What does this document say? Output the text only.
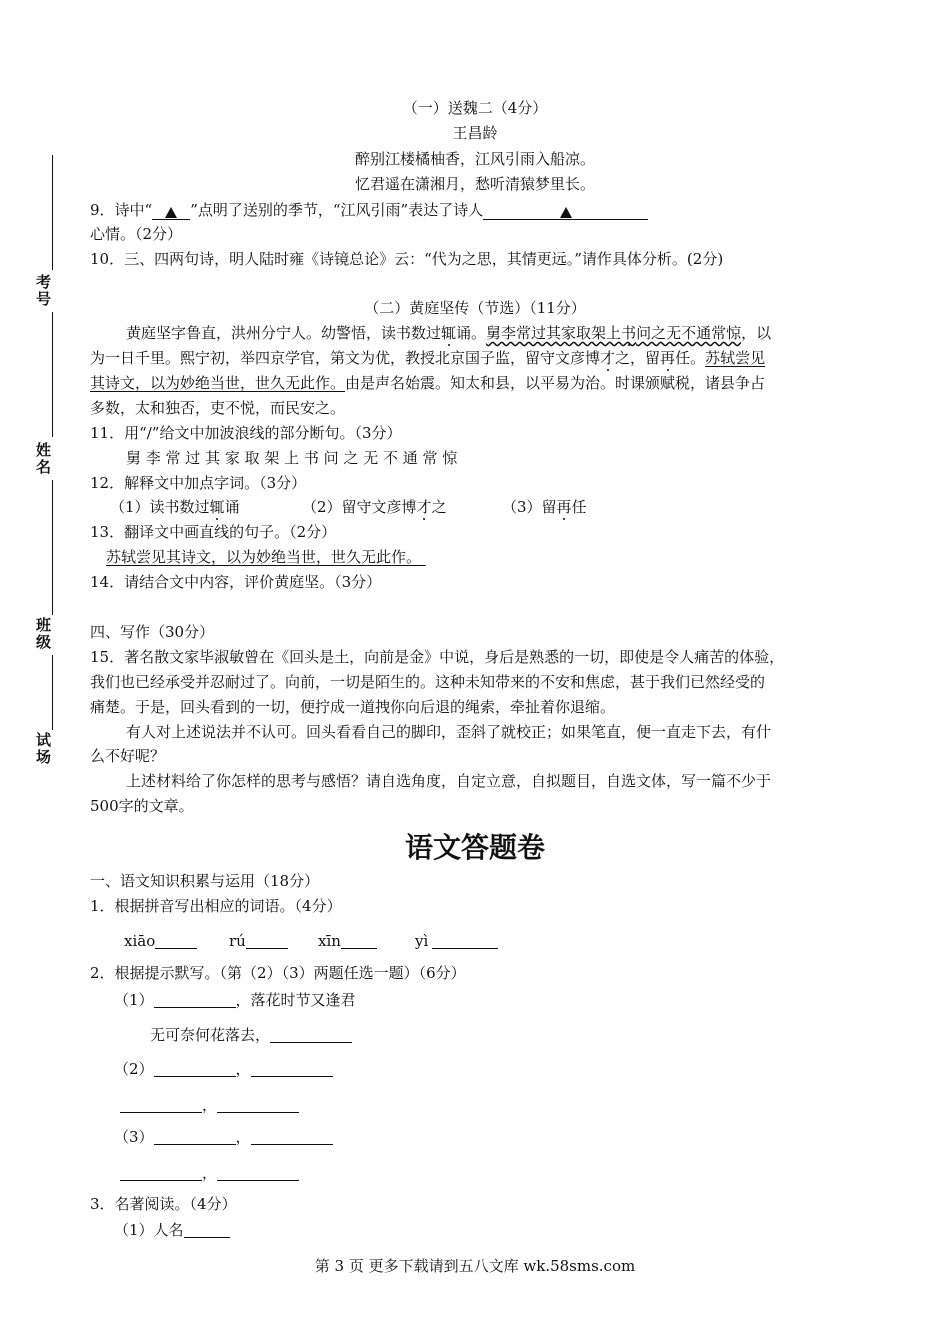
考号
姓名
班级
试场
（一）送魏二（4分）
王昌龄
醉别江楼橘柚香，江风引雨入船凉。
忆君遥在潇湘月，愁听清猿梦里长。
9．诗中“	”点明了送别的季节，“江风引雨”表达了诗人
心情。（2分）
10．三、四两句诗，明人陆时雍《诗镜总论》云：“代为之思，其情更远。”请作具体分析。(2分)
（二）黄庭坚传（节选）（11分）
黄庭坚字鲁直，洪州分宁人。幼警悟，读书数过辄诵。舅李常过其家取架上书问之无不通常惊，以
为一日千里。熙宁初，举四京学官，第文为优，教授北京国子监，留守文彦博才之，留再任。苏轼尝见
其诗文，以为妙绝当世，世久无此作。由是声名始震。知太和县，以平易为治。时课颁赋税，诸县争占
多数，太和独否，吏不悦，而民安之。
11．用“/”给文中加波浪线的部分断句。（3分）
舅 李 常 过 其 家 取 架 上 书 问 之 无 不 通 常 惊
12．解释文中加点字词。（3分）
（1）读书数过辄诵	（2）留守文彦博才之	（3）留再任
13．翻译文中画直线的句子。（2分）
苏轼尝见其诗文，以为妙绝当世，世久无此作。
14．请结合文中内容，评价黄庭坚。（3分）
四、写作（30分）
15．著名散文家毕淑敏曾在《回头是土，向前是金》中说，身后是熟悉的一切，即使是令人痛苦的体验，
我们也已经承受并忍耐过了。向前，一切是陌生的。这种未知带来的不安和焦虑，甚于我们已然经受的
痛楚。于是，回头看到的一切，便拧成一道拽你向后退的绳索，牵扯着你退缩。
有人对上述说法并不认可。回头看看自己的脚印，歪斜了就校正；如果笔直，便一直走下去，有什
么不好呢？
上述材料给了你怎样的思考与感悟？请自选角度，自定立意，自拟题目，自选文体，写一篇不少于
500字的文章。
语文答题卷
一、语文知识积累与运用（18分）
1．根据拼音写出相应的词语。（4分）
xiāo	rú	xīn	yì
2．根据提示默写。（第（2）（3）两题任选一题）（6分）
（1）	，落花时节又逢君
无可奈何花落去，
（2）	，
，
（3）	，
，
3．名著阅读。（4分）
（1）人名
第 3 页 更多下载请到五八文库 wk.58sms.com
